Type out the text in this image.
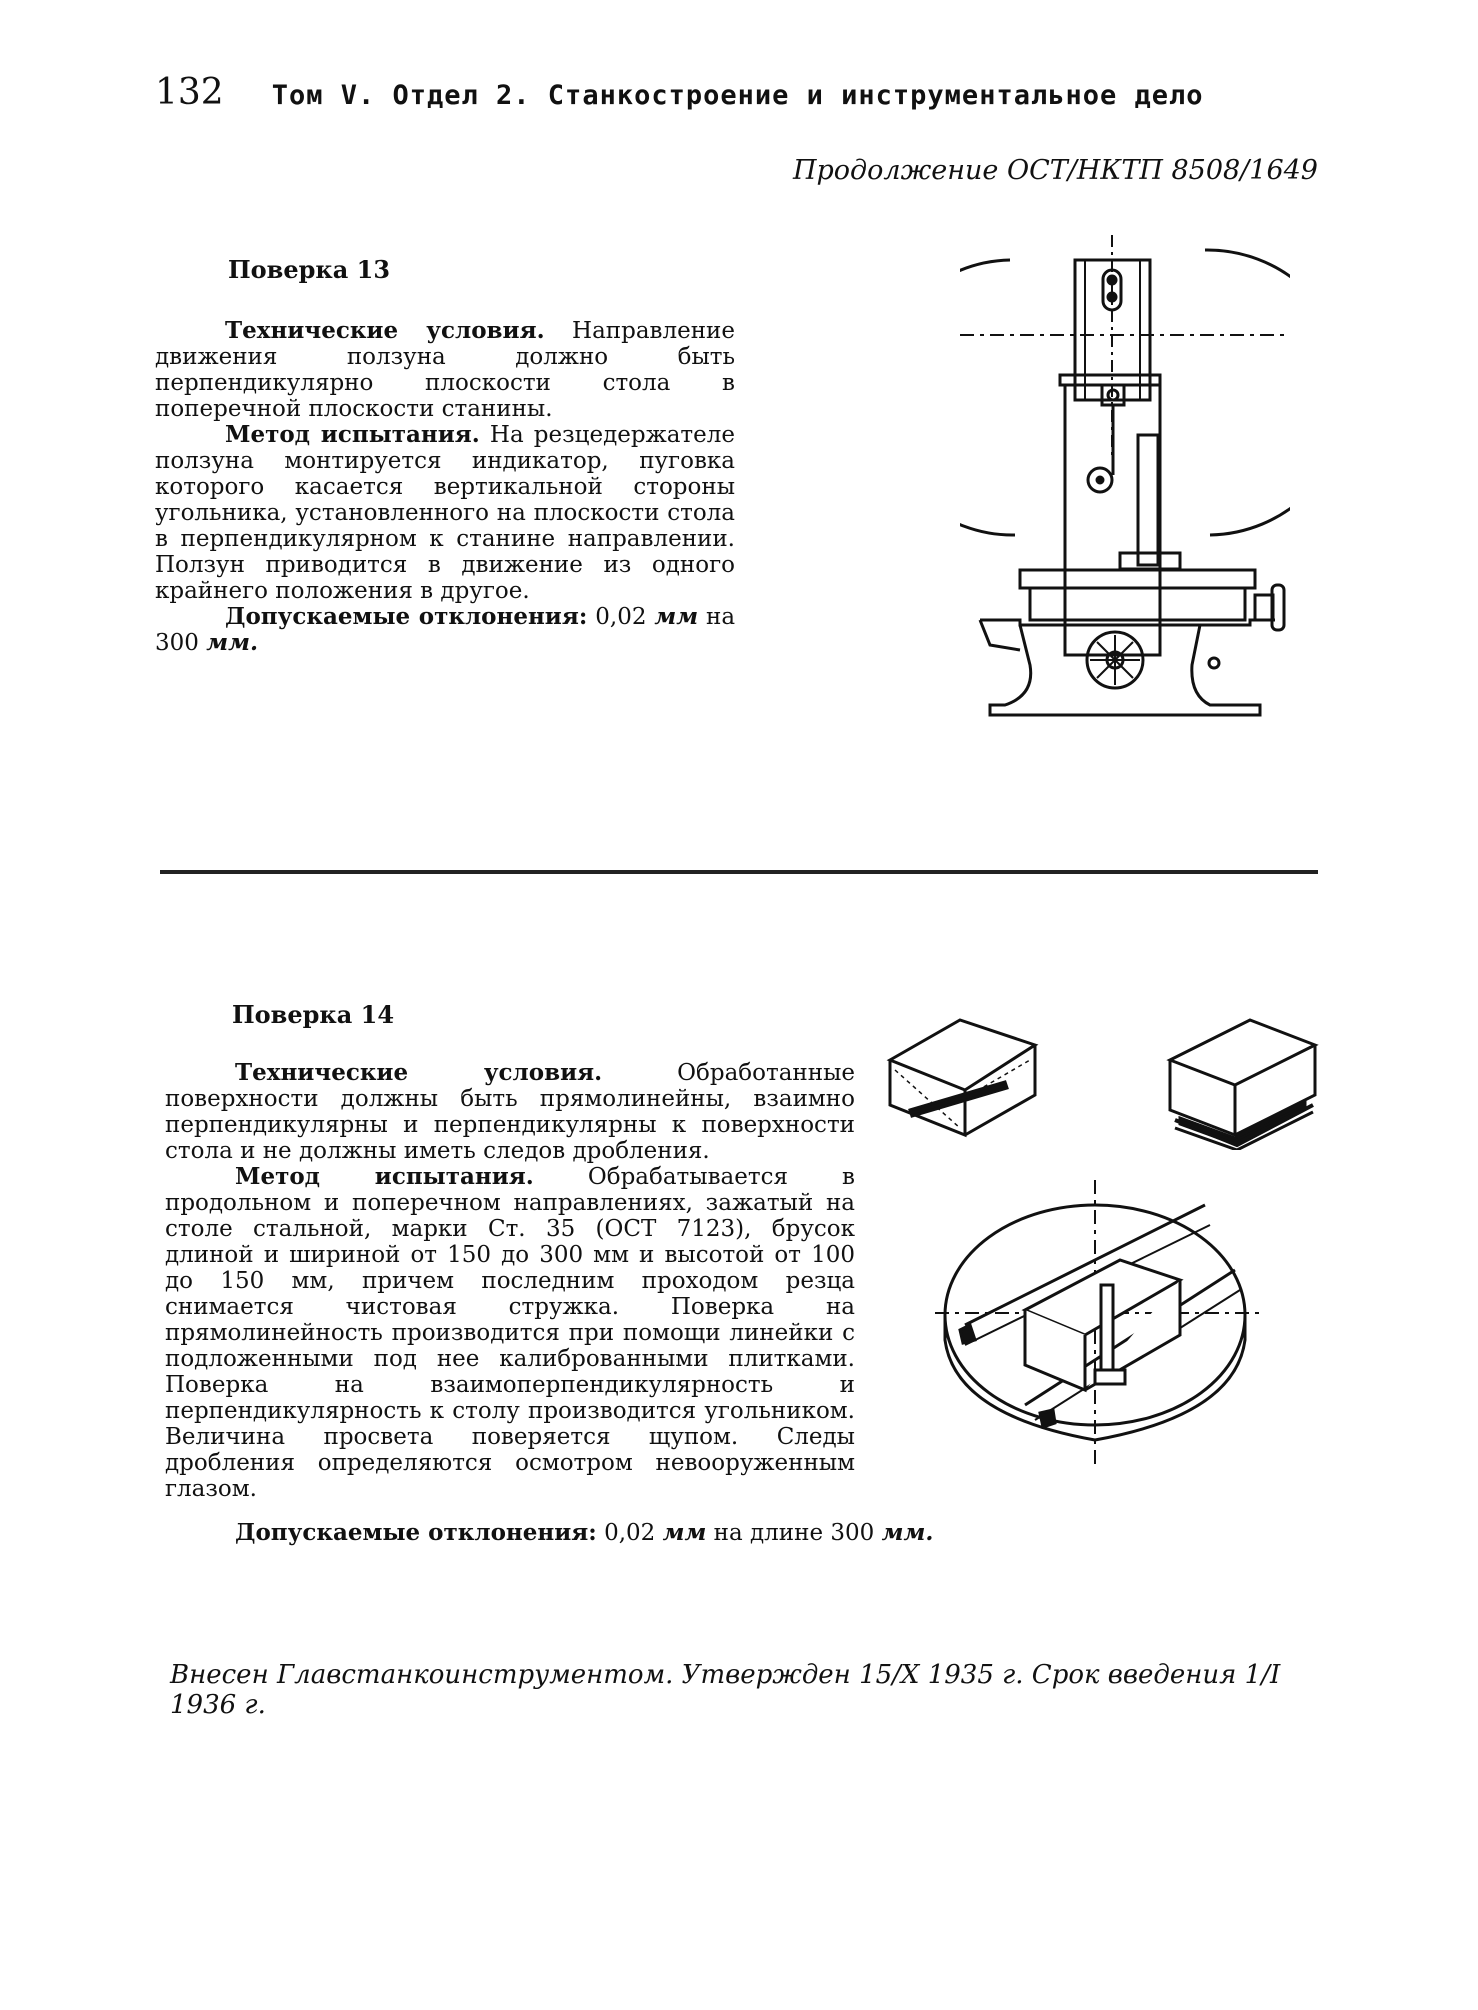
132 Том V. Отдел 2. Станкостроение и инструментальное дело
Продолжение ОСТ/НКТП 8508/1649
Поверка 13

Технические условия. Направление движения ползуна должно быть перпендикулярно плоскости стола в поперечной плоскости станины.

Метод испытания. На резцедержателе ползуна монтируется индикатор, пуговка которого касается вертикальной стороны угольника, установленного на плоскости стола в перпендикулярном к станине направлении. Ползун приводится в движение из одного крайнего положения в другое.

Допускаемые отклонения: 0,02 мм на 300 мм.

Поверка 14

Технические условия.	Обработанные поверхности должны быть прямолинейны, взаимно перпендикулярны и перпендикулярны к поверхности стола и не должны иметь следов дробления.

Метод испытания. Обрабатывается в продольном и поперечном направлениях, зажатый на столе стальной, марки Ст. 35 (ОСТ 7123), брусок длиной и шириной от 150 до 300 мм и высотой от 100 до 150 мм, причем последним проходом резца снимается чистовая стружка. Поверка на прямолинейность производится при помощи линейки с подложенными под нее калиброванными плитками. Поверка на взаимоперпендикулярность и перпендикулярность к столу производится угольником. Величина просвета поверяется щупом. Следы дробления определяются осмотром невооруженным глазом.

Допускаемые отклонения: 0,02 мм на длине 300 мм.
Внесен Главстанкоинструментом. Утвержден 15/X 1935 г. Срок введения 1/I 1936 г.
